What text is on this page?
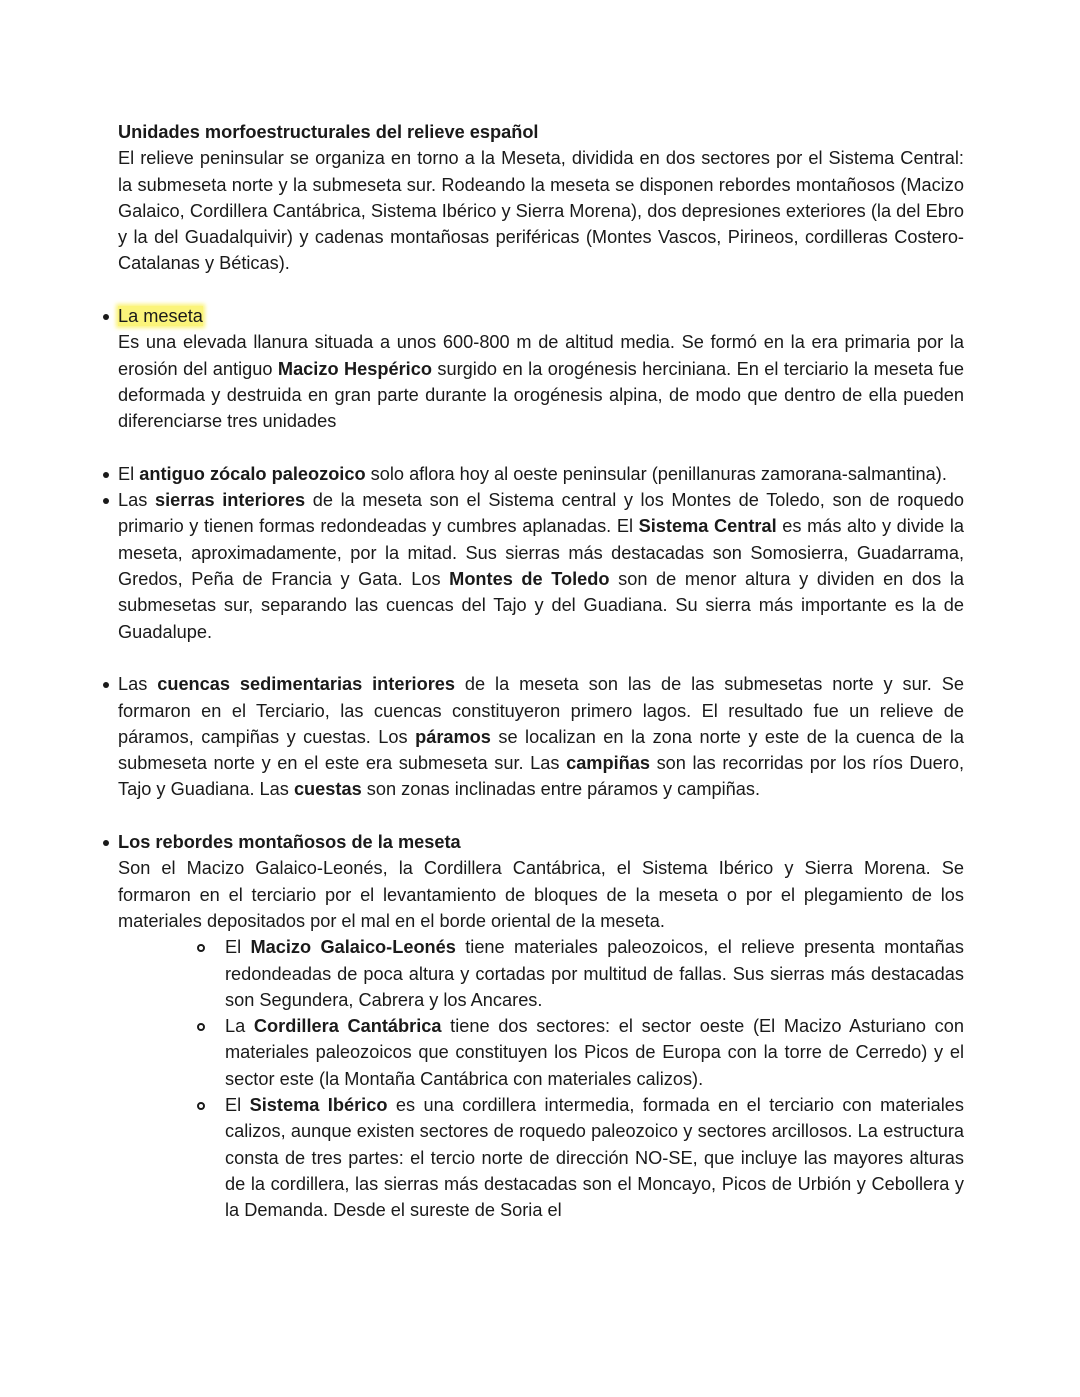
Unidades morfoestructurales del relieve español

El relieve peninsular se organiza en torno a la Meseta, dividida en dos sectores por el Sistema Central: la submeseta norte y la submeseta sur. Rodeando la meseta se disponen rebordes montañosos (Macizo Galaico, Cordillera Cantábrica, Sistema Ibérico y Sierra Morena), dos depresiones exteriores (la del Ebro y la del Guadalquivir) y cadenas montañosas periféricas (Montes Vascos, Pirineos, cordilleras Costero-Catalanas y Béticas).

La meseta

Es una elevada llanura situada a unos 600-800 m de altitud media. Se formó en la era primaria por la erosión del antiguo Macizo Hespérico surgido en la orogénesis herciniana. En el terciario la meseta fue deformada y destruida en gran parte durante la orogénesis alpina, de modo que dentro de ella pueden diferenciarse tres unidades

El antiguo zócalo paleozoico solo aflora hoy al oeste peninsular (penillanuras zamorana-salmantina).

Las sierras interiores de la meseta son el Sistema central y los Montes de Toledo, son de roquedo primario y tienen formas redondeadas y cumbres aplanadas. El Sistema Central es más alto y divide la meseta, aproximadamente, por la mitad. Sus sierras más destacadas son Somosierra, Guadarrama, Gredos, Peña de Francia y Gata. Los Montes de Toledo son de menor altura y dividen en dos la submesetas sur, separando las cuencas del Tajo y del Guadiana. Su sierra más importante es la de Guadalupe.

Las cuencas sedimentarias interiores de la meseta son las de las submesetas norte y sur. Se formaron en el Terciario, las cuencas constituyeron primero lagos. El resultado fue un relieve de páramos, campiñas y cuestas. Los páramos se localizan en la zona norte y este de la cuenca de la submeseta norte y en el este era submeseta sur. Las campiñas son las recorridas por los ríos Duero, Tajo y Guadiana. Las cuestas son zonas inclinadas entre páramos y campiñas.

Los rebordes montañosos de la meseta

Son el Macizo Galaico-Leonés, la Cordillera Cantábrica, el Sistema Ibérico y Sierra Morena. Se formaron en el terciario por el levantamiento de bloques de la meseta o por el plegamiento de los materiales depositados por el mal en el borde oriental de la meseta.

El Macizo Galaico-Leonés tiene materiales paleozoicos, el relieve presenta montañas redondeadas de poca altura y cortadas por multitud de fallas. Sus sierras más destacadas son Segundera, Cabrera y los Ancares.

La Cordillera Cantábrica tiene dos sectores: el sector oeste (El Macizo Asturiano con materiales paleozoicos que constituyen los Picos de Europa con la torre de Cerredo) y el sector este (la Montaña Cantábrica con materiales calizos).

El Sistema Ibérico es una cordillera intermedia, formada en el terciario con materiales calizos, aunque existen sectores de roquedo paleozoico y sectores arcillosos. La estructura consta de tres partes: el tercio norte de dirección NO-SE, que incluye las mayores alturas de la cordillera, las sierras más destacadas son el Moncayo, Picos de Urbión y Cebollera y la Demanda. Desde el sureste de Soria el
